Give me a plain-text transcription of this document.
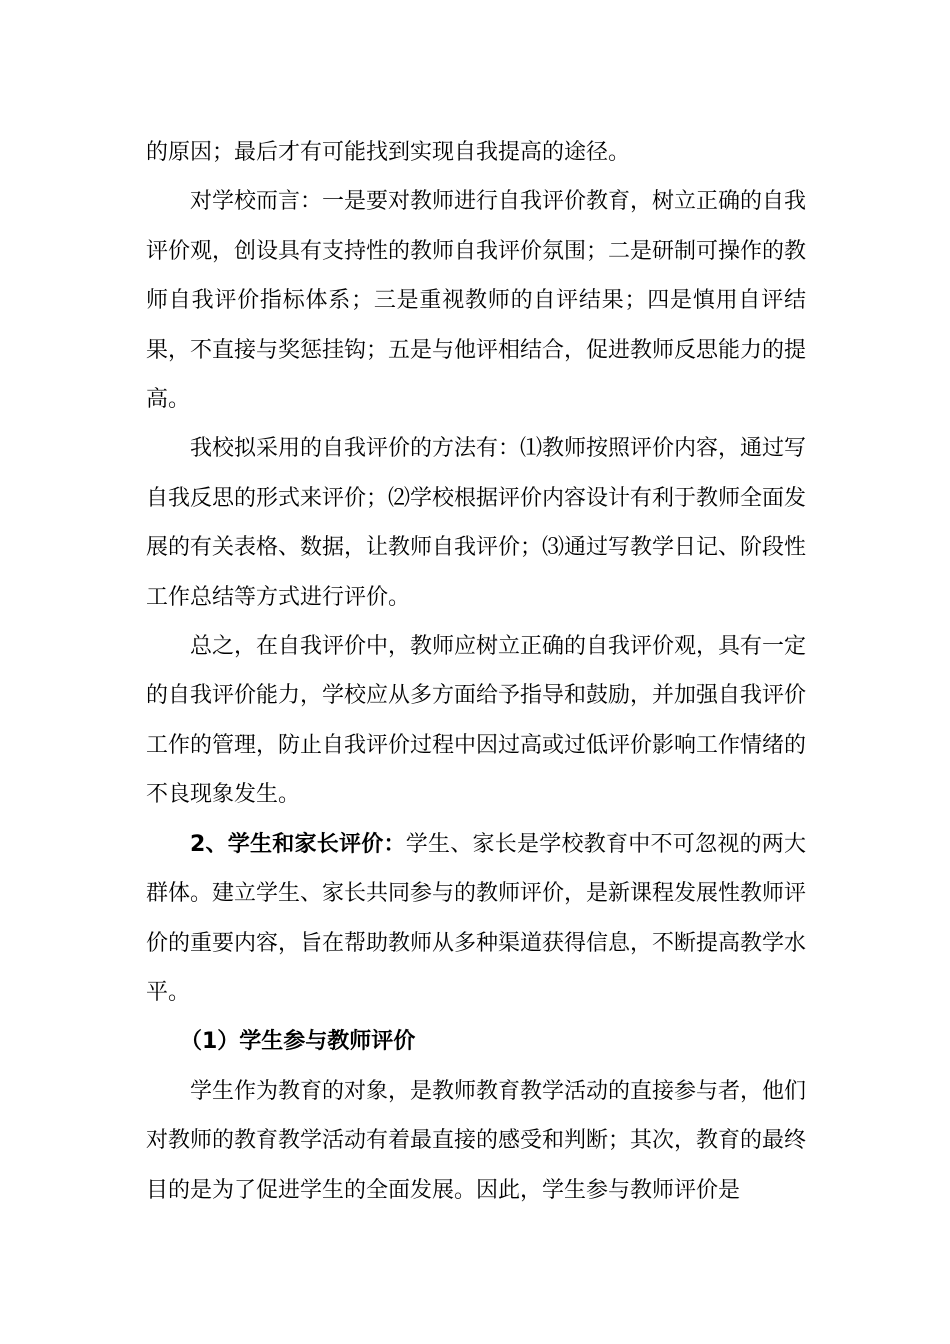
的原因；最后才有可能找到实现自我提高的途径。

对学校而言：一是要对教师进行自我评价教育，树立正确的自我评价观，创设具有支持性的教师自我评价氛围；二是研制可操作的教师自我评价指标体系；三是重视教师的自评结果；四是慎用自评结果，不直接与奖惩挂钩；五是与他评相结合，促进教师反思能力的提高。

我校拟采用的自我评价的方法有：⑴教师按照评价内容，通过写自我反思的形式来评价；⑵学校根据评价内容设计有利于教师全面发展的有关表格、数据，让教师自我评价；⑶通过写教学日记、阶段性工作总结等方式进行评价。

总之，在自我评价中，教师应树立正确的自我评价观，具有一定的自我评价能力，学校应从多方面给予指导和鼓励，并加强自我评价工作的管理，防止自我评价过程中因过高或过低评价影响工作情绪的不良现象发生。

2、学生和家长评价：学生、家长是学校教育中不可忽视的两大群体。建立学生、家长共同参与的教师评价，是新课程发展性教师评价的重要内容，旨在帮助教师从多种渠道获得信息，不断提高教学水平。

（1）学生参与教师评价

学生作为教育的对象，是教师教育教学活动的直接参与者，他们对教师的教育教学活动有着最直接的感受和判断；其次，教育的最终目的是为了促进学生的全面发展。因此，学生参与教师评价是
